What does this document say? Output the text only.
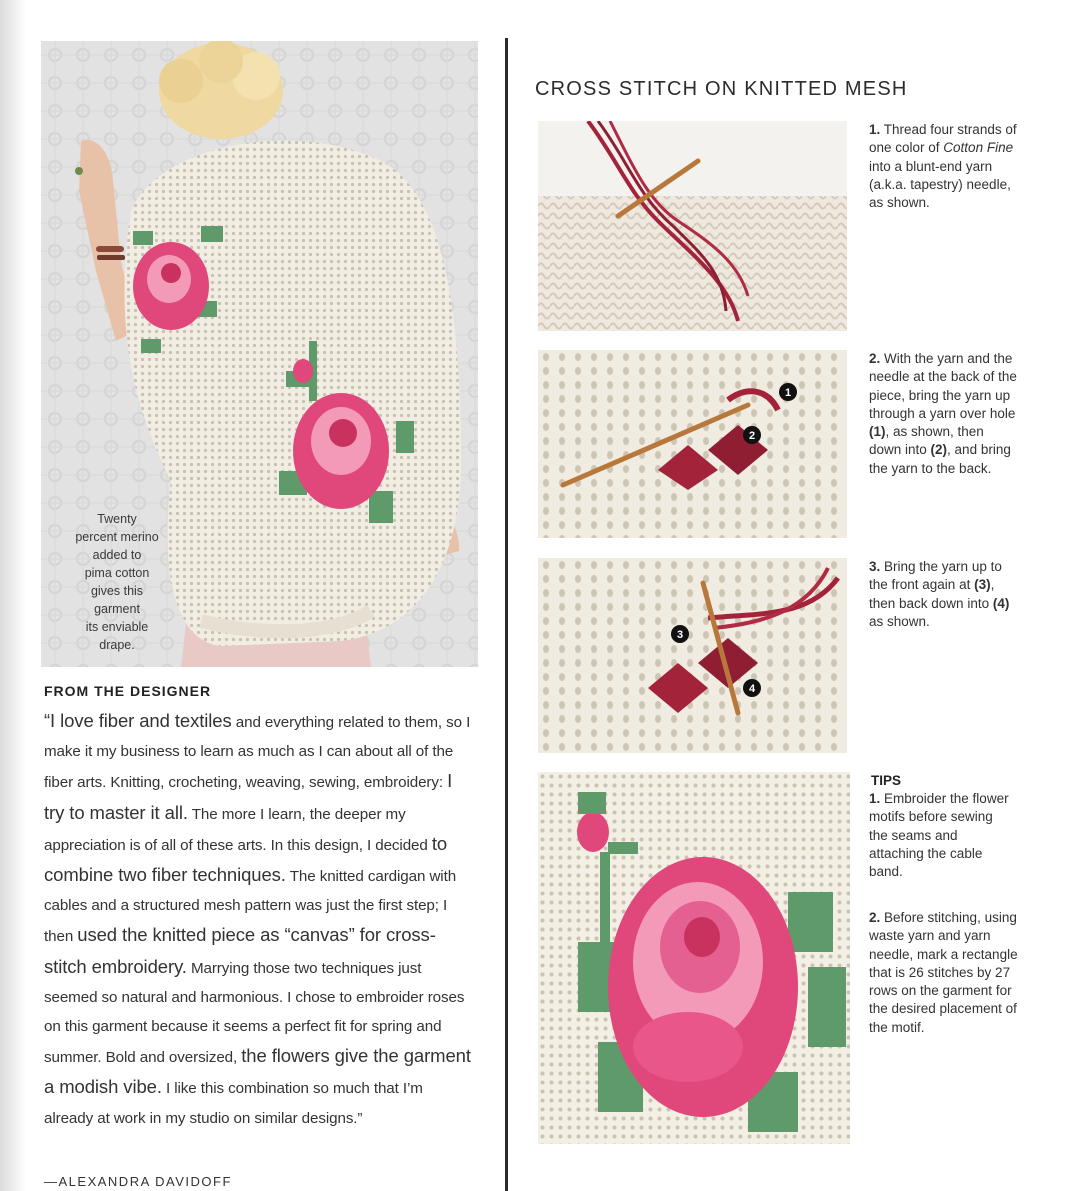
Twenty
percent merino
added to
pima cotton
gives this
garment
its enviable
drape.
FROM THE DESIGNER

“I love fiber and textiles and everything related to them, so I make it my business to learn as much as I can about all of the fiber arts. Knitting, crocheting, weaving, sewing, embroidery: I try to master it all. The more I learn, the deeper my appreciation is of all of these arts. In this design, I decided to combine two fiber techniques. The knitted cardigan with cables and a structured mesh pattern was just the first step; I then used the knitted piece as “canvas” for cross-stitch embroidery. Marrying those two techniques just seemed so natural and harmonious. I chose to embroider roses on this garment because it seems a perfect fit for spring and summer. Bold and oversized, the flowers give the garment a modish vibe. I like this combination so much that I’m already at work in my studio on similar designs.”

—ALEXANDRA DAVIDOFF
CROSS STITCH ON KNITTED MESH
1. Thread four strands of one color of Cotton Fine into a blunt-end yarn (a.k.a. tapestry) needle, as shown.
1
2
2. With the yarn and the needle at the back of the piece, bring the yarn up through a yarn over hole (1), as shown, then down into (2), and bring the yarn to the back.
3
4
3. Bring the yarn up to the front again at (3), then back down into (4) as shown.
TIPS
1. Embroider the flower motifs before sewing the seams and attaching the cable band.
2. Before stitching, using waste yarn and yarn needle, mark a rectangle that is 26 stitches by 27 rows on the garment for the desired placement of the motif.
